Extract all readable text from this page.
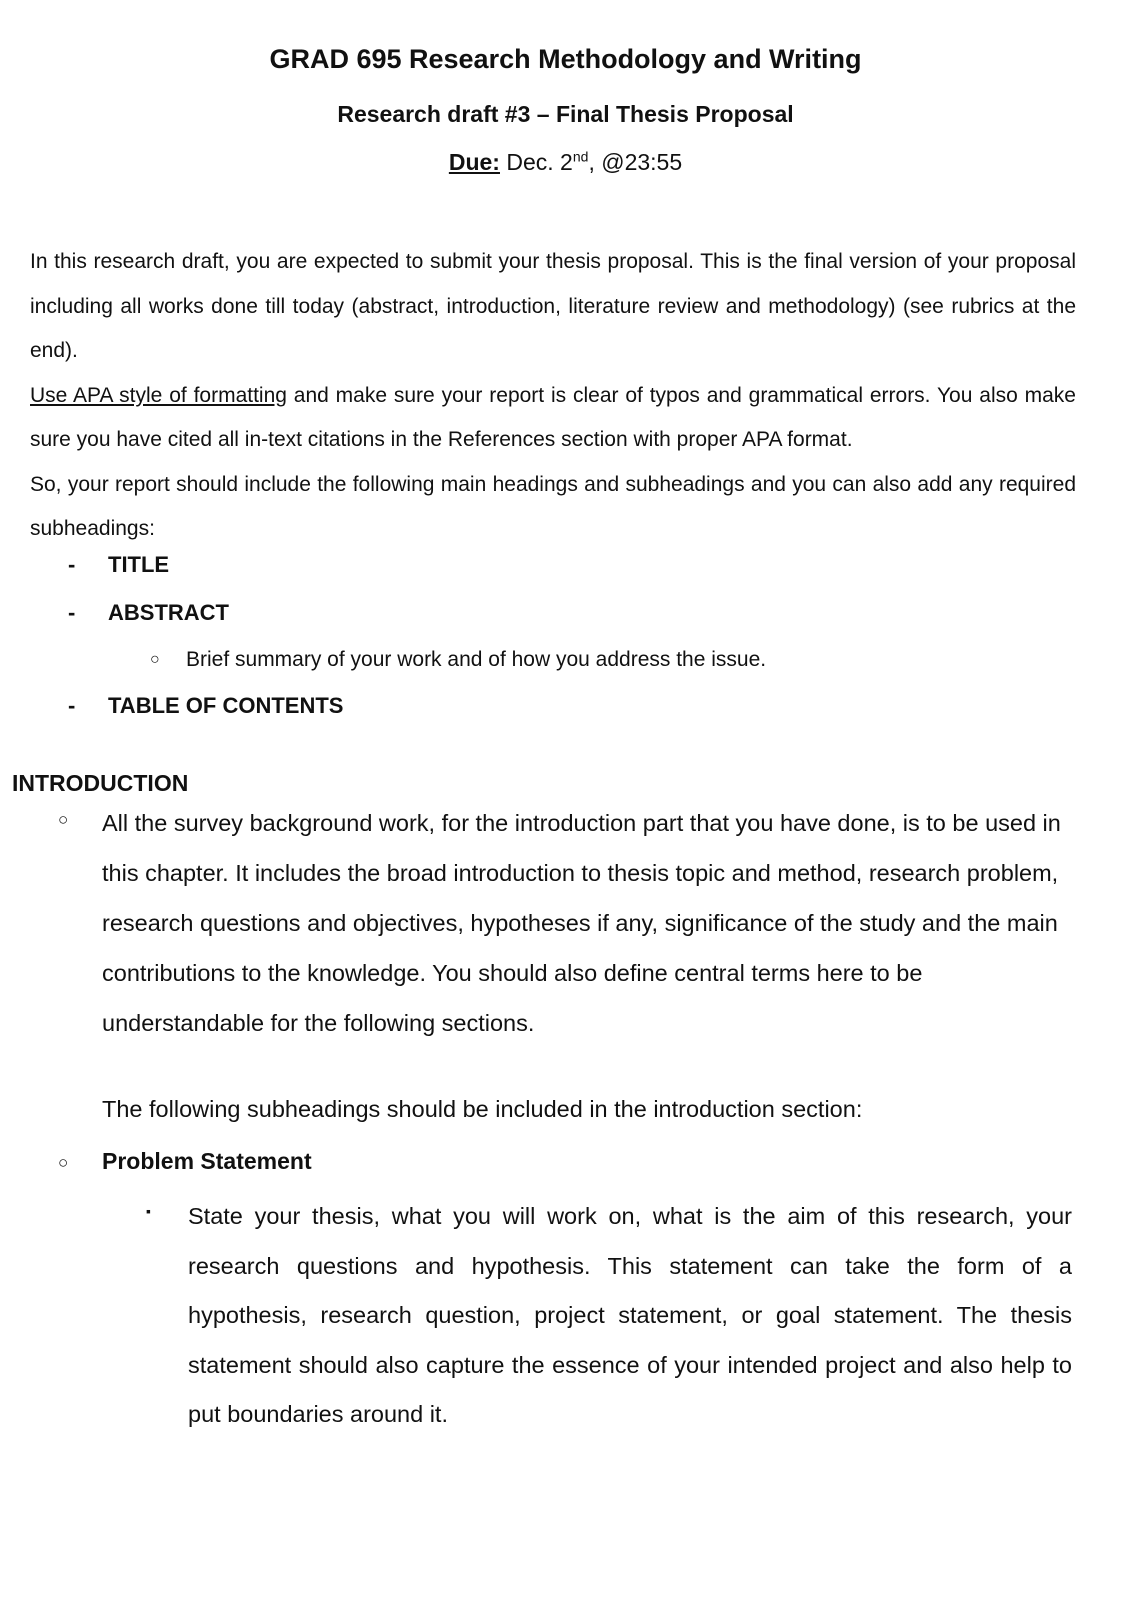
GRAD 695 Research Methodology and Writing
Research draft #3 – Final Thesis Proposal
Due: Dec. 2nd, @23:55

In this research draft, you are expected to submit your thesis proposal. This is the final version of your proposal including all works done till today (abstract, introduction, literature review and methodology) (see rubrics at the end).

Use APA style of formatting and make sure your report is clear of typos and grammatical errors. You also make sure you have cited all in-text citations in the References section with proper APA format.

So, your report should include the following main headings and subheadings and you can also add any required subheadings:

- TITLE
- ABSTRACT
○ Brief summary of your work and of how you address the issue.
- TABLE OF CONTENTS
INTRODUCTION
○ All the survey background work, for the introduction part that you have done, is to be used in this chapter. It includes the broad introduction to thesis topic and method, research problem, research questions and objectives, hypotheses if any, significance of the study and the main contributions to the knowledge. You should also define central terms here to be understandable for the following sections.
The following subheadings should be included in the introduction section:
○ Problem Statement
▪ State your thesis, what you will work on, what is the aim of this research, your research questions and hypothesis. This statement can take the form of a hypothesis, research question, project statement, or goal statement. The thesis statement should also capture the essence of your intended project and also help to put boundaries around it.
